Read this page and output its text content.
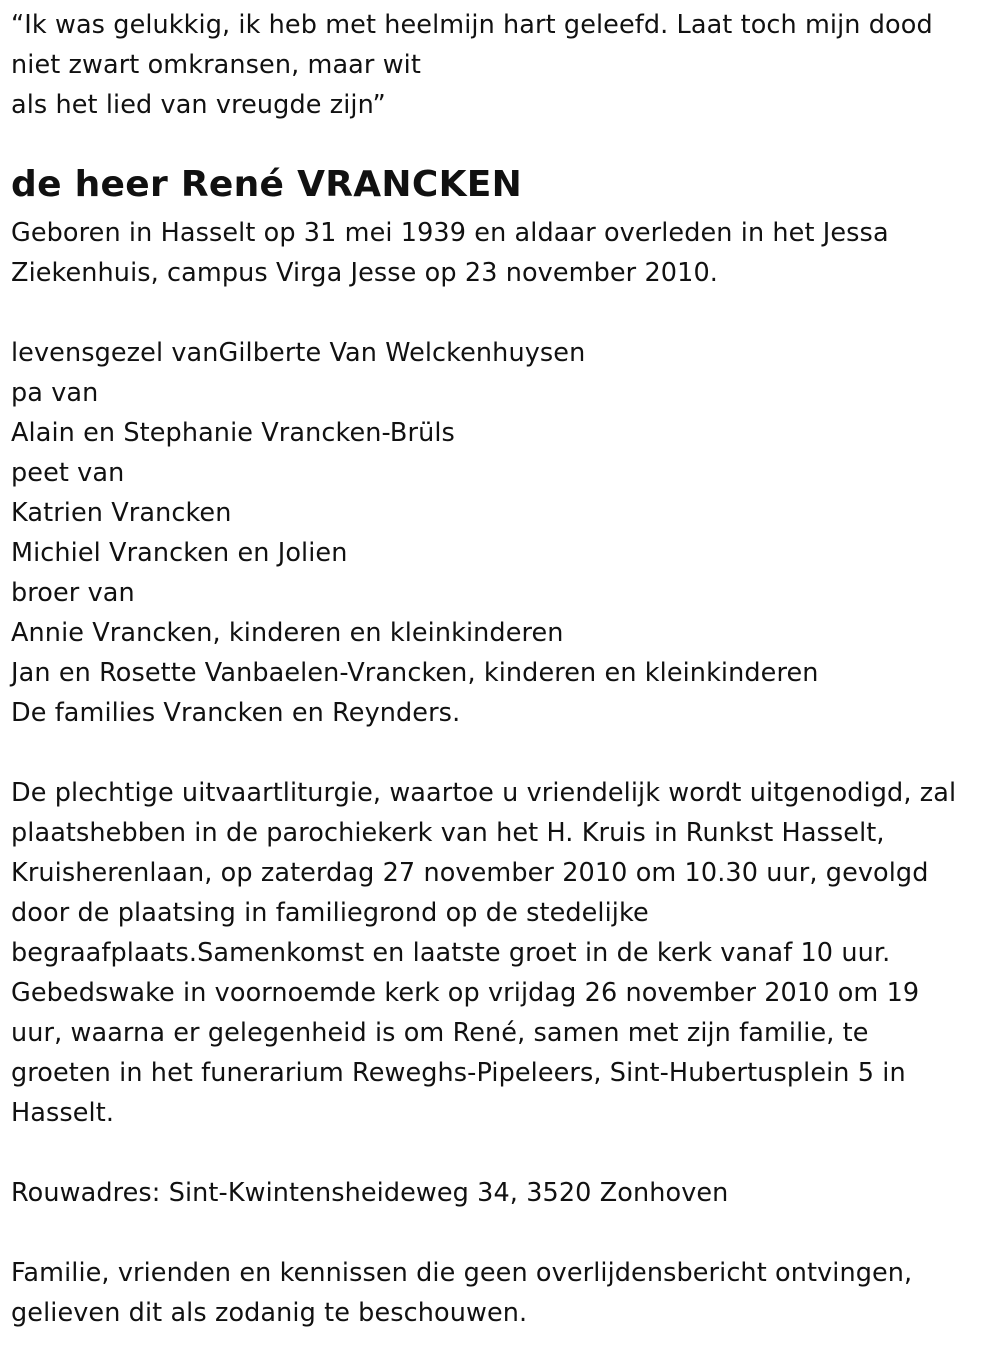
“Ik was gelukkig, ik heb met heelmijn hart geleefd. Laat toch mijn dood
niet zwart omkransen, maar wit
als het lied van vreugde zijn”
de heer René VRANCKEN
Geboren in Hasselt op 31 mei 1939 en aldaar overleden in het Jessa
Ziekenhuis, campus Virga Jesse op 23 november 2010.
levensgezel vanGilberte Van Welckenhuysen
pa van
Alain en Stephanie Vrancken-Brüls
peet van
Katrien Vrancken
Michiel Vrancken en Jolien
broer van
Annie Vrancken, kinderen en kleinkinderen
Jan en Rosette Vanbaelen-Vrancken, kinderen en kleinkinderen
De families Vrancken en Reynders.
De plechtige uitvaartliturgie, waartoe u vriendelijk wordt uitgenodigd, zal
plaatshebben in de parochiekerk van het H. Kruis in Runkst Hasselt,
Kruisherenlaan, op zaterdag 27 november 2010 om 10.30 uur, gevolgd
door de plaatsing in familiegrond op de stedelijke
begraafplaats.Samenkomst en laatste groet in de kerk vanaf 10 uur.
Gebedswake in voornoemde kerk op vrijdag 26 november 2010 om 19
uur, waarna er gelegenheid is om René, samen met zijn familie, te
groeten in het funerarium Reweghs-Pipeleers, Sint-Hubertusplein 5 in
Hasselt.
Rouwadres: Sint-Kwintensheideweg 34, 3520 Zonhoven
Familie, vrienden en kennissen die geen overlijdensbericht ontvingen,
gelieven dit als zodanig te beschouwen.
